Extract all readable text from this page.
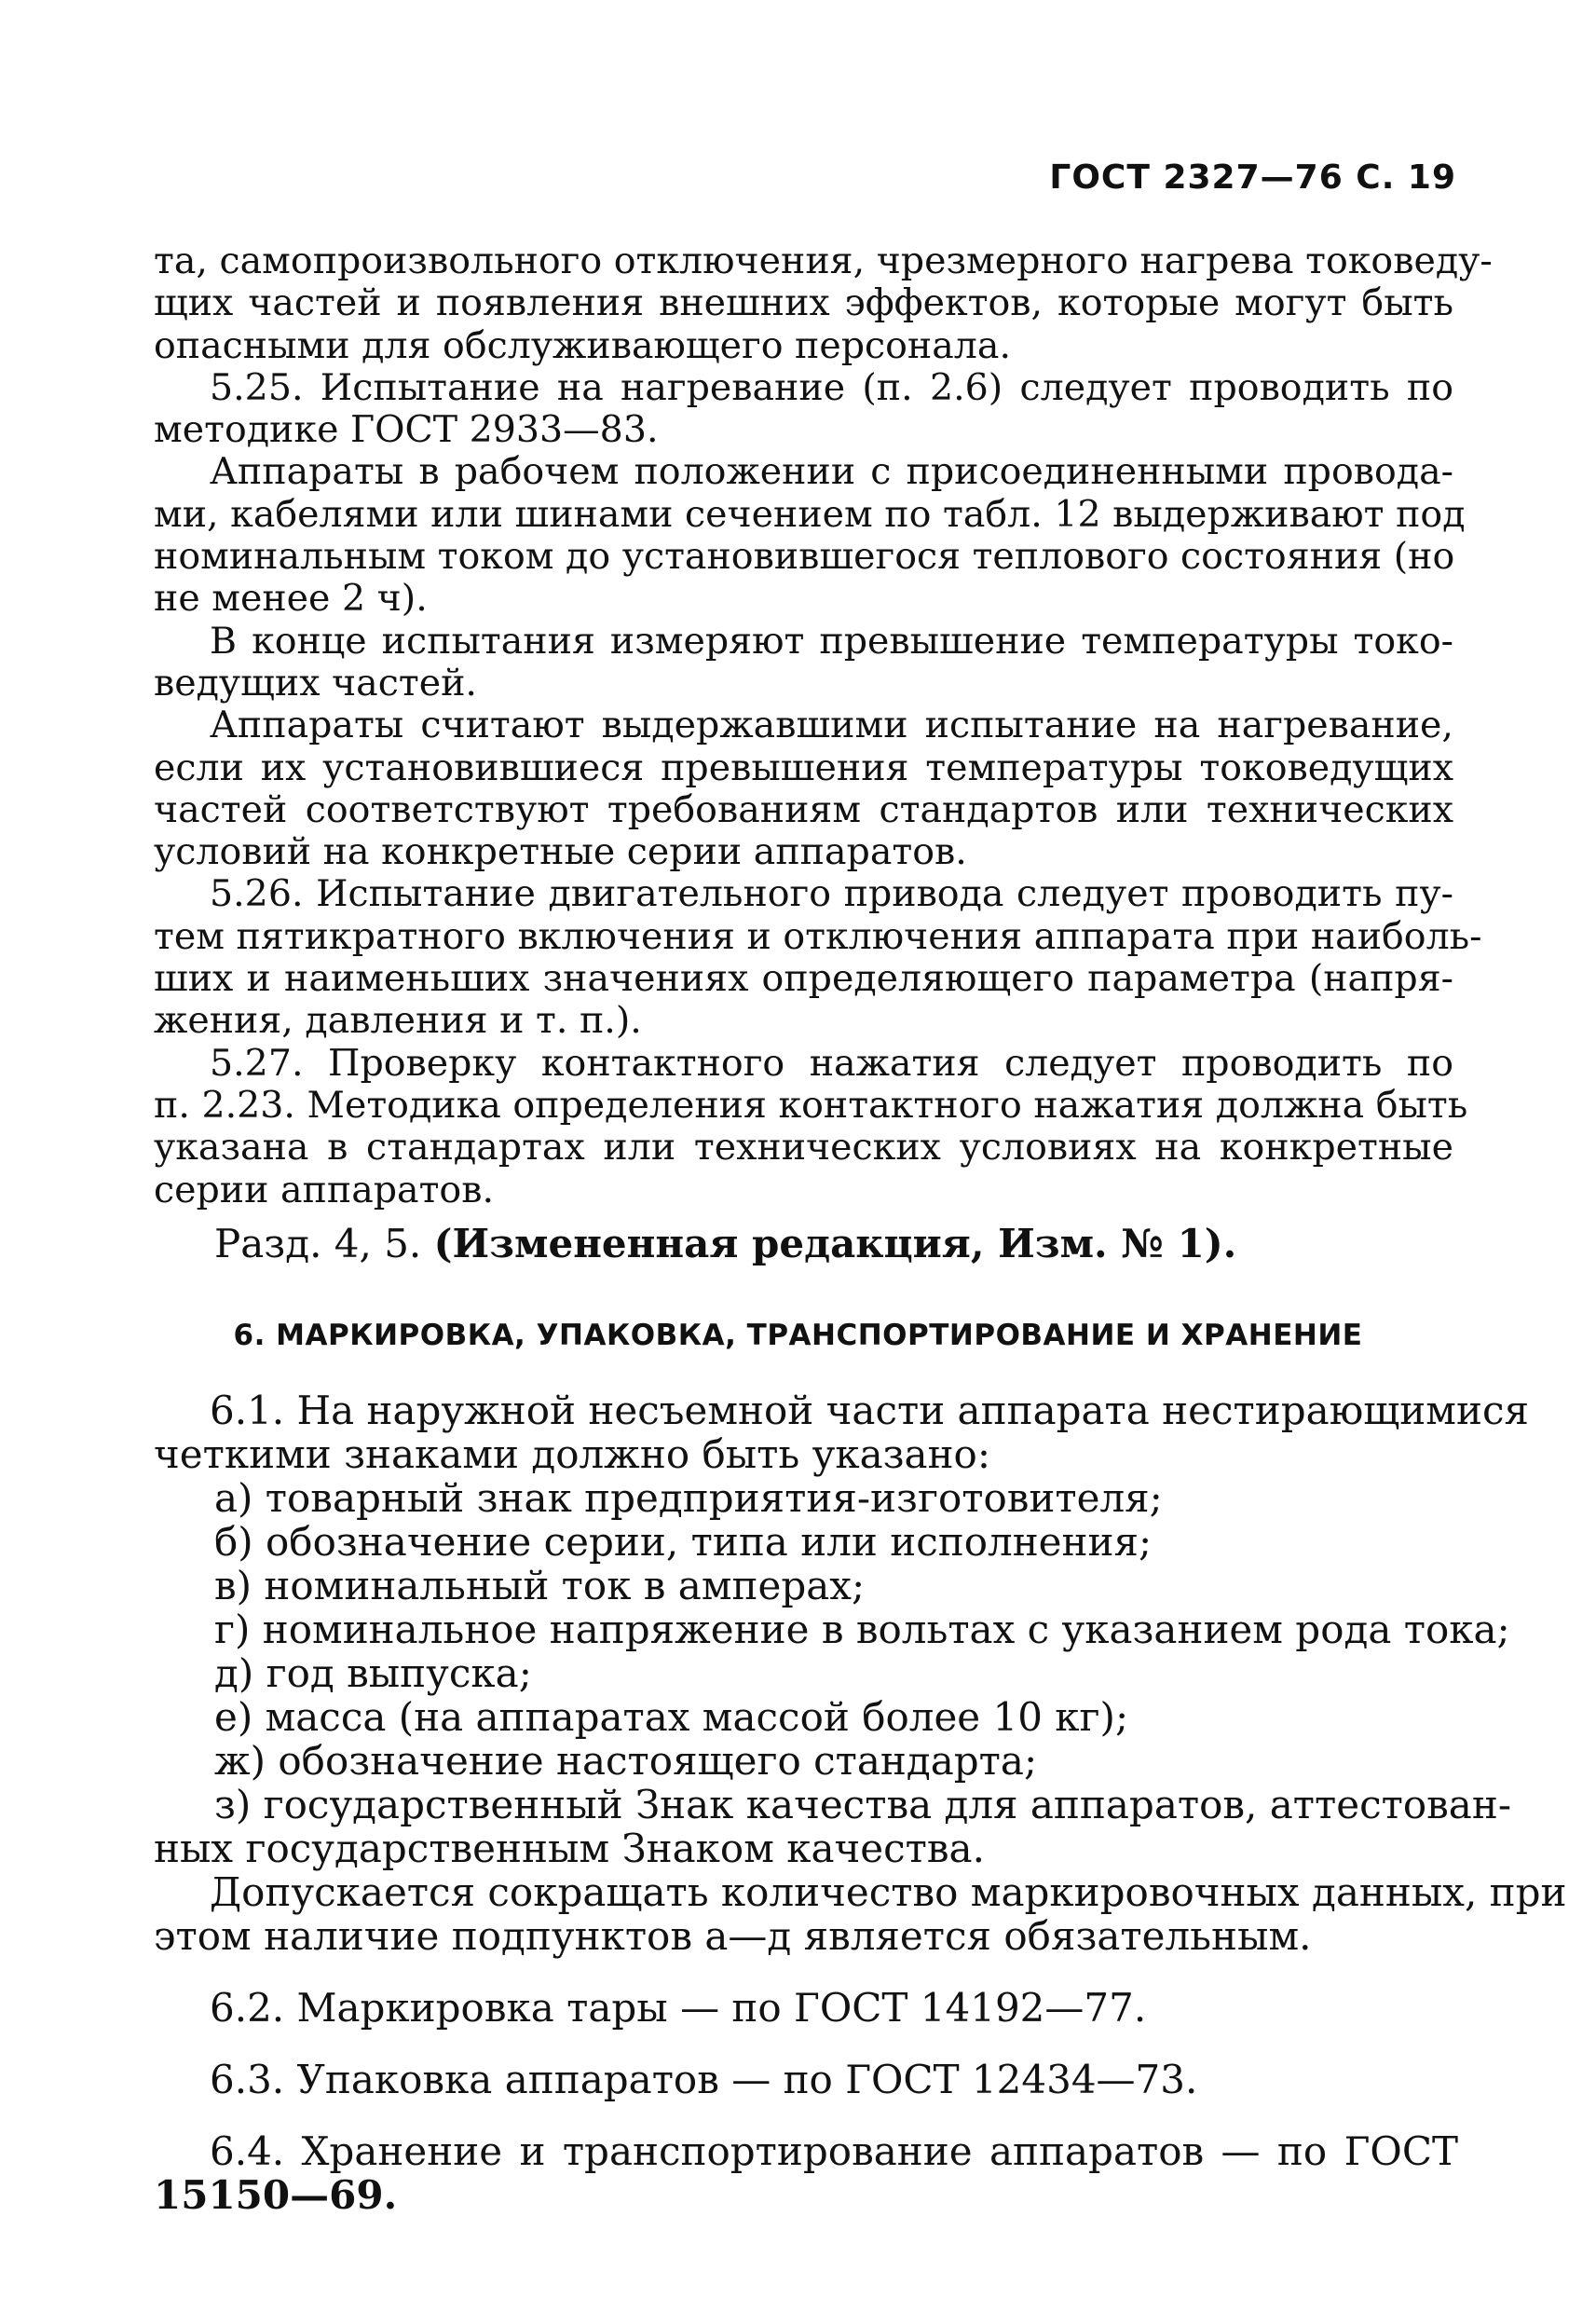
ГОСТ 2327—76 С. 19
та, самопроизвольного отключения, чрезмерного нагрева токоведу-
щих частей и появления внешних эффектов, которые могут быть
опасными для обслуживающего персонала.
5.25. Испытание на нагревание (п. 2.6) следует проводить по
методике ГОСТ 2933—83.
Аппараты в рабочем положении с присоединенными провода-
ми, кабелями или шинами сечением по табл. 12 выдерживают под
номинальным током до установившегося теплового состояния (но
не менее 2 ч).
В конце испытания измеряют превышение температуры токо-
ведущих частей.
Аппараты считают выдержавшими испытание на нагревание,
если их установившиеся превышения температуры токоведущих
частей соответствуют требованиям стандартов или технических
условий на конкретные серии аппаратов.
5.26. Испытание двигательного привода следует проводить пу-
тем пятикратного включения и отключения аппарата при наиболь-
ших и наименьших значениях определяющего параметра (напря-
жения, давления и т. п.).
5.27. Проверку контактного нажатия следует проводить по
п. 2.23. Методика определения контактного нажатия должна быть
указана в стандартах или технических условиях на конкретные
серии аппаратов.
Разд. 4, 5. (Измененная редакция, Изм. № 1).
6. МАРКИРОВКА, УПАКОВКА, ТРАНСПОРТИРОВАНИЕ И ХРАНЕНИЕ
6.1. На наружной несъемной части аппарата нестирающимися
четкими знаками должно быть указано:
а) товарный знак предприятия-изготовителя;
б) обозначение серии, типа или исполнения;
в) номинальный ток в амперах;
г) номинальное напряжение в вольтах с указанием рода тока;
д) год выпуска;
е) масса (на аппаратах массой более 10 кг);
ж) обозначение настоящего стандарта;
з) государственный Знак качества для аппаратов, аттестован-
ных государственным Знаком качества.
Допускается сокращать количество маркировочных данных, при
этом наличие подпунктов а—д является обязательным.
6.2. Маркировка тары — по ГОСТ 14192—77.
6.3. Упаковка аппаратов — по ГОСТ 12434—73.
6.4. Хранение и транспортирование аппаратов — по ГОСТ
15150—69.
